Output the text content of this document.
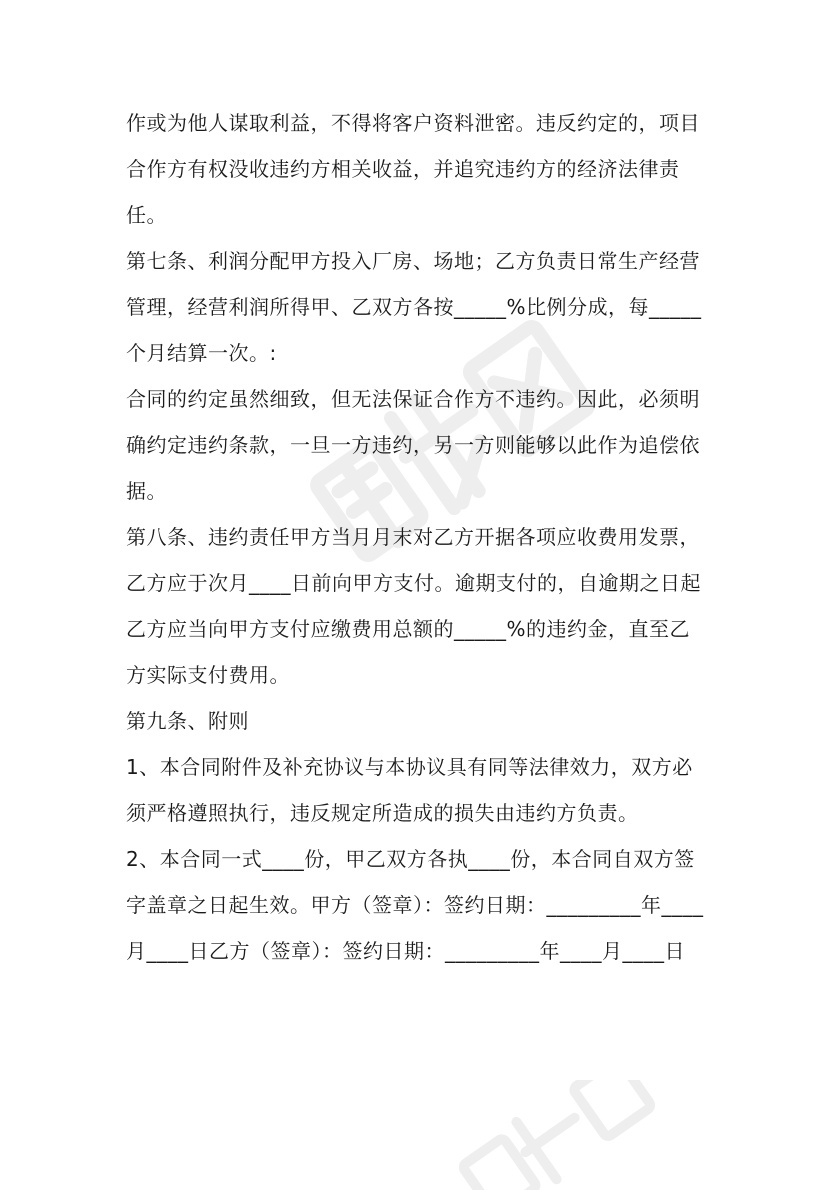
作或为他人谋取利益，不得将客户资料泄密。违反约定的，项目合作方有权没收违约方相关收益，并追究违约方的经济法律责任。

第七条、利润分配甲方投入厂房、场地；乙方负责日常生产经营管理，经营利润所得甲、乙双方各按_____%比例分成，每_____个月结算一次。:

合同的约定虽然细致，但无法保证合作方不违约。因此，必须明确约定违约条款，一旦一方违约，另一方则能够以此作为追偿依据。

第八条、违约责任甲方当月月末对乙方开据各项应收费用发票，乙方应于次月____日前向甲方支付。逾期支付的，自逾期之日起乙方应当向甲方支付应缴费用总额的_____%的违约金，直至乙方实际支付费用。

第九条、附则

1、本合同附件及补充协议与本协议具有同等法律效力，双方必须严格遵照执行，违反规定所造成的损失由违约方负责。

2、本合同一式____份，甲乙双方各执____份，本合同自双方签字盖章之日起生效。甲方（签章）：签约日期：_________年____月____日乙方（签章）：签约日期：_________年____月____日
